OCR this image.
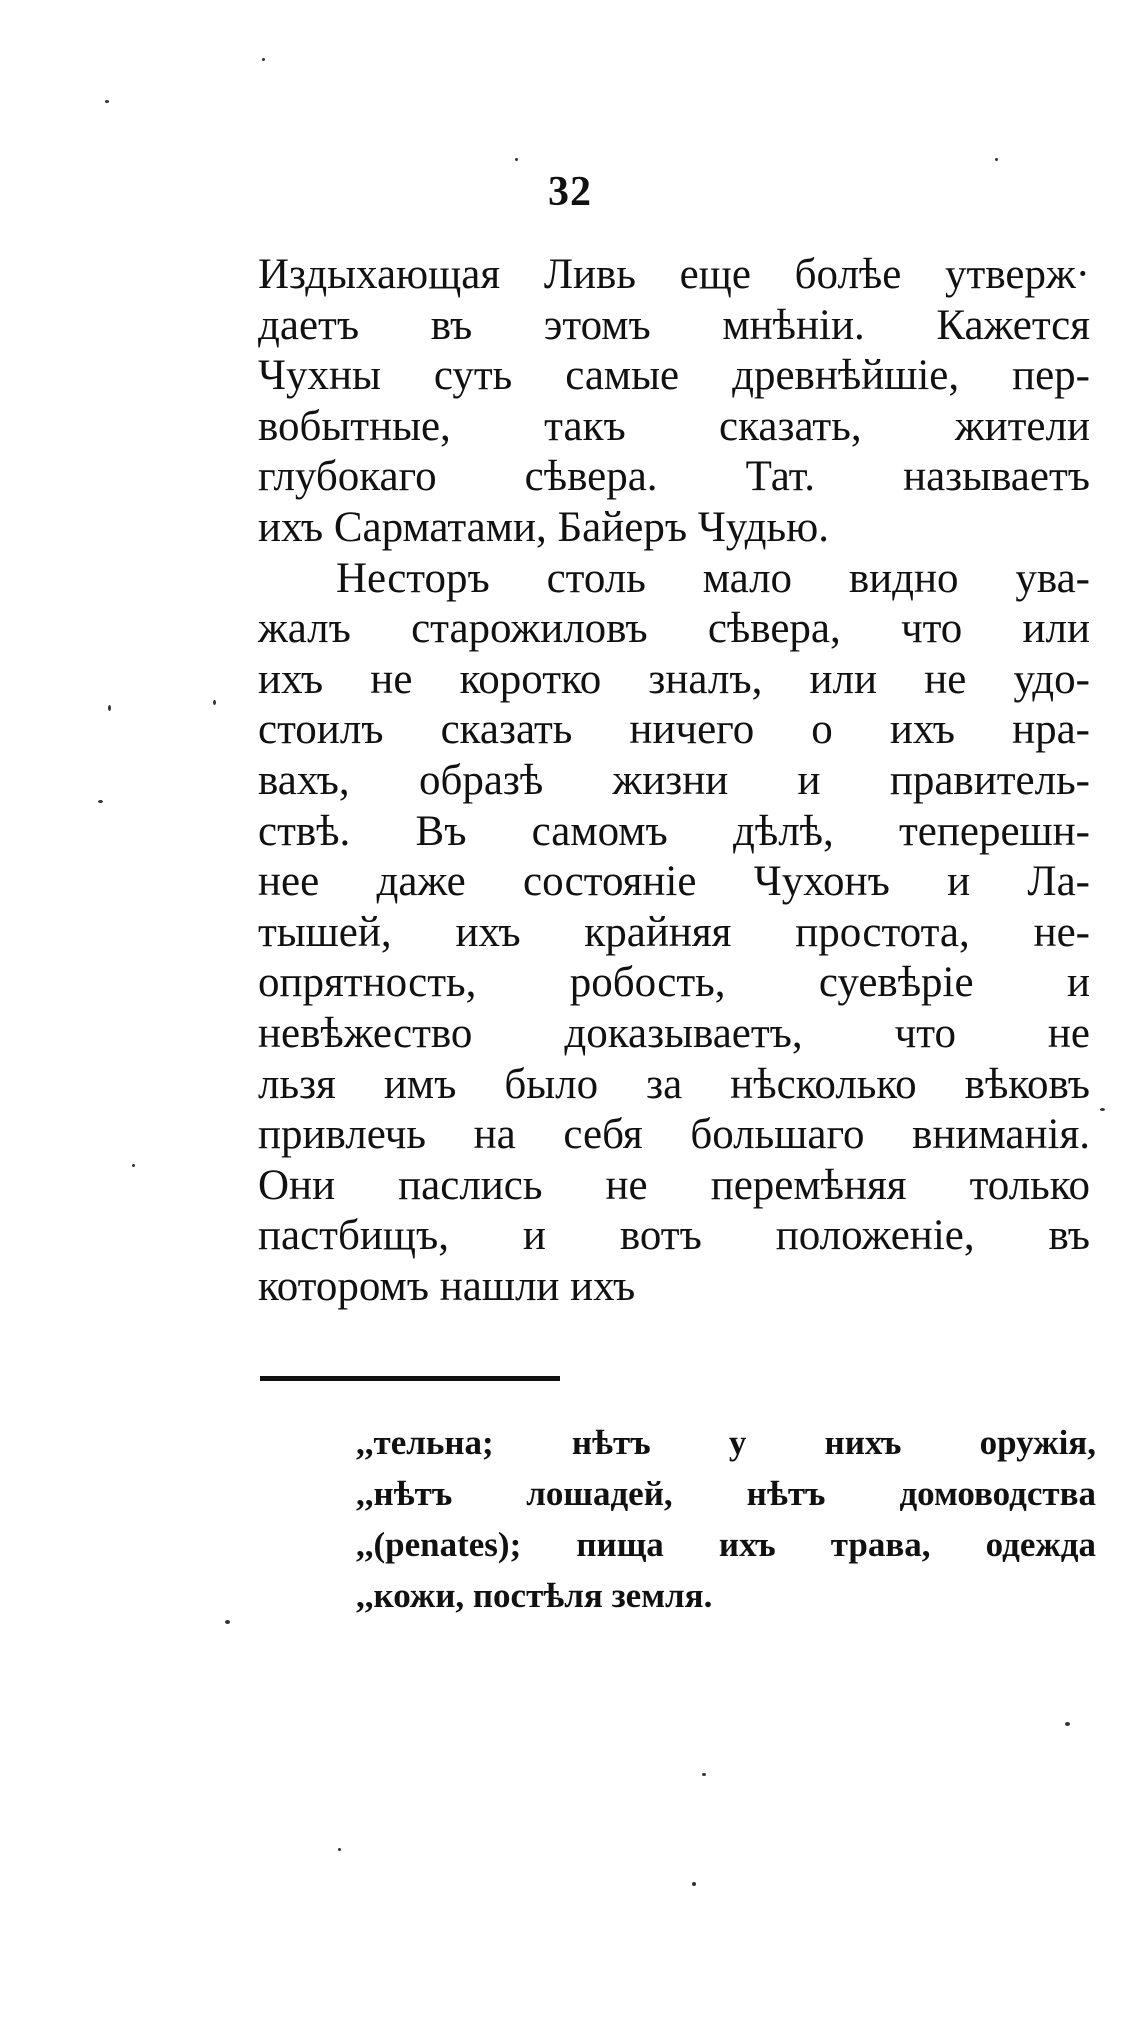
32
Издыхающая Ливь еще болѣе утверж·
даетъ въ этомъ мнѣніи. Кажется
Чухны суть самые древнѣйшіе, пер-
вобытные, такъ сказать, жители
глубокаго сѣвера. Тат. называетъ
ихъ Сарматами, Байеръ Чудью.
Несторъ столь мало видно ува-
жалъ старожиловъ сѣвера, что или
ихъ не коротко зналъ, или не удо-
стоилъ сказать ничего о ихъ нра-
вахъ, образѣ жизни и правитель-
ствѣ. Въ самомъ дѣлѣ, теперешн-
нее даже состояніе Чухонъ и Ла-
тышей, ихъ крайняя простота, не-
опрятность, робость, суевѣріе и
невѣжество доказываетъ, что не
льзя имъ было за нѣсколько вѣковъ
привлечь на себя большаго вниманія.
Они паслись не перемѣняя только
пастбищъ, и вотъ положеніе, въ
которомъ нашли ихъ
,,тельна; нѣтъ у нихъ оружія,
,,нѣтъ лошадей, нѣтъ домоводства
,,(penates); пища ихъ трава, одежда
,,кожи, постѣля земля.
